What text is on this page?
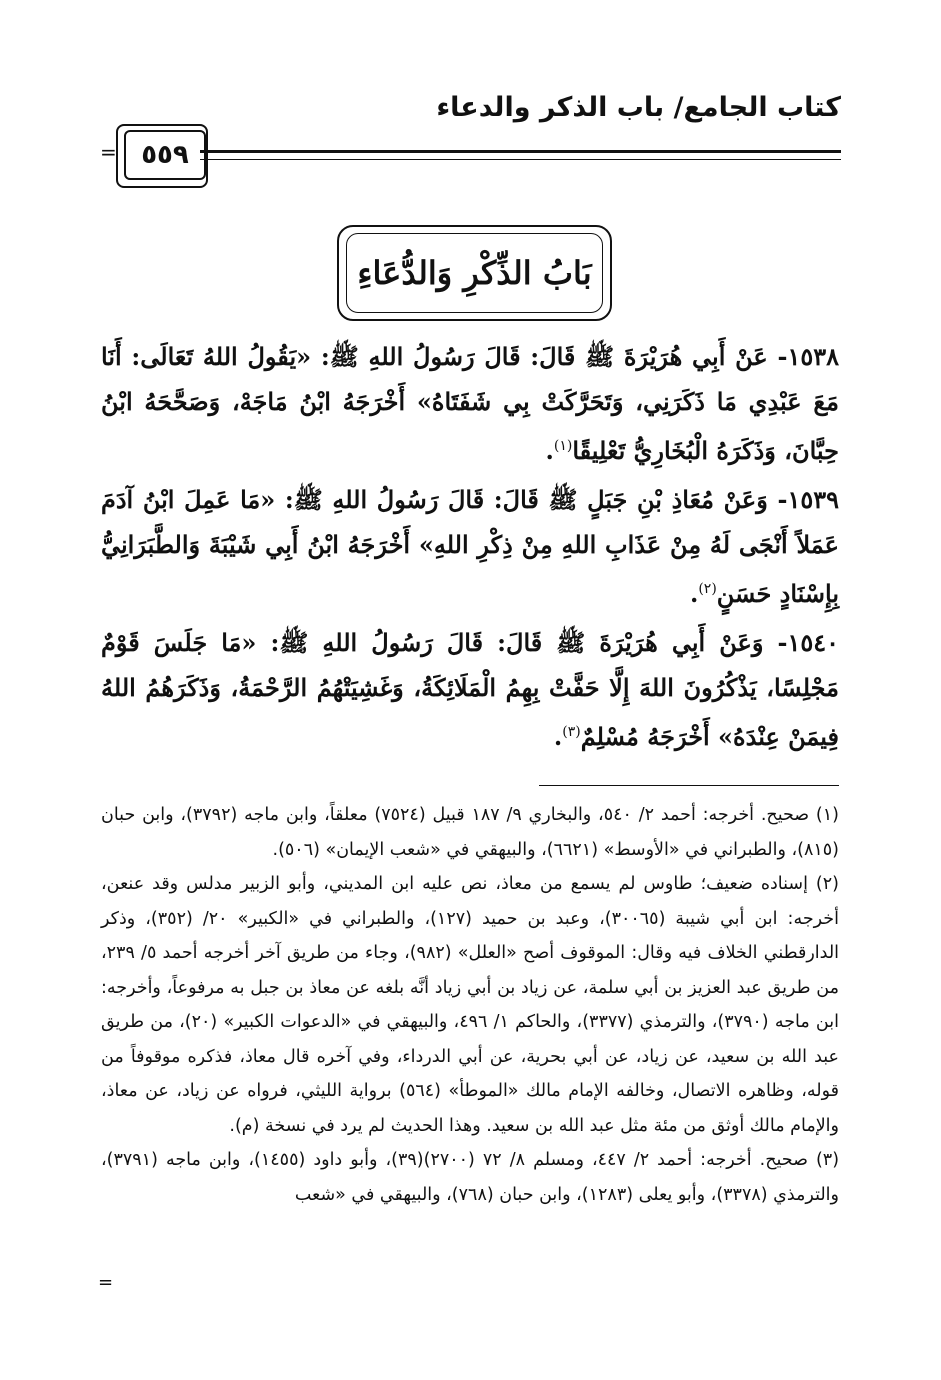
كتاب الجامع/ باب الذكر والدعاء
= ٥٥٩
بَابُ الذِّكْرِ وَالدُّعَاءِ

١٥٣٨- عَنْ أَبِي هُرَيْرَةَ ﷺ قَالَ: قَالَ رَسُولُ اللهِ ﷺ: «يَقُولُ اللهُ تَعَالَى: أَنَا مَعَ عَبْدِي مَا ذَكَرَنِي، وَتَحَرَّكَتْ بِي شَفَتَاهُ» أَخْرَجَهُ ابْنُ مَاجَهْ، وَصَحَّحَهُ ابْنُ حِبَّانَ، وَذَكَرَهُ الْبُخَارِيُّ تَعْلِيقًا$^{(١)}$.

١٥٣٩- وَعَنْ مُعَاذِ بْنِ جَبَلٍ ﷺ قَالَ: قَالَ رَسُولُ اللهِ ﷺ: «مَا عَمِلَ ابْنُ آدَمَ عَمَلاً أَنْجَى لَهُ مِنْ عَذَابِ اللهِ مِنْ ذِكْرِ اللهِ» أَخْرَجَهُ ابْنُ أَبِي شَيْبَةَ وَالطَّبَرَانِيُّ بِإِسْنَادٍ حَسَنٍ$^{(٢)}$.

١٥٤٠- وَعَنْ أَبِي هُرَيْرَةَ ﷺ قَالَ: قَالَ رَسُولُ اللهِ ﷺ: «مَا جَلَسَ قَوْمٌ مَجْلِسًا، يَذْكُرُونَ اللهَ إِلَّا حَفَّتْ بِهِمُ الْمَلَائِكَةُ، وَغَشِيَتْهُمُ الرَّحْمَةُ، وَذَكَرَهُمُ اللهُ فِيمَنْ عِنْدَهُ» أَخْرَجَهُ مُسْلِمٌ$^{(٣)}$.

(١) صحيح. أخرجه: أحمد ٢/ ٥٤٠، والبخاري ٩/ ١٨٧ قبيل (٧٥٢٤) معلقاً، وابن ماجه (٣٧٩٢)، وابن حبان (٨١٥)، والطبراني في «الأوسط» (٦٦٢١)، والبيهقي في «شعب الإيمان» (٥٠٦).

(٢) إسناده ضعيف؛ طاوس لم يسمع من معاذ، نص عليه ابن المديني، وأبو الزبير مدلس وقد عنعن، أخرجه: ابن أبي شيبة (٣٠٠٦٥)، وعبد بن حميد (١٢٧)، والطبراني في «الكبير» ٢٠/ (٣٥٢)، وذكر الدارقطني الخلاف فيه وقال: الموقوف أصح «العلل» (٩٨٢)، وجاء من طريق آخر أخرجه أحمد ٥/ ٢٣٩، من طريق عبد العزيز بن أبي سلمة، عن زياد بن أبي زياد أنَّه بلغه عن معاذ بن جبل به مرفوعاً، وأخرجه: ابن ماجه (٣٧٩٠)، والترمذي (٣٣٧٧)، والحاكم ١/ ٤٩٦، والبيهقي في «الدعوات الكبير» (٢٠)، من طريق عبد الله بن سعيد، عن زياد، عن أبي بحرية، عن أبي الدرداء، وفي آخره قال معاذ، فذكره موقوفاً من قوله، وظاهره الاتصال، وخالفه الإمام مالك «الموطأ» (٥٦٤) برواية الليثي، فرواه عن زياد، عن معاذ، والإمام مالك أوثق من مئة مثل عبد الله بن سعيد. وهذا الحديث لم يرد في نسخة (م).

(٣) صحيح. أخرجه: أحمد ٢/ ٤٤٧، ومسلم ٨/ ٧٢ (٢٧٠٠)(٣٩)، وأبو داود (١٤٥٥)، وابن ماجه (٣٧٩١)، والترمذي (٣٣٧٨)، وأبو يعلى (١٢٨٣)، وابن حبان (٧٦٨)، والبيهقي في «شعب

=
